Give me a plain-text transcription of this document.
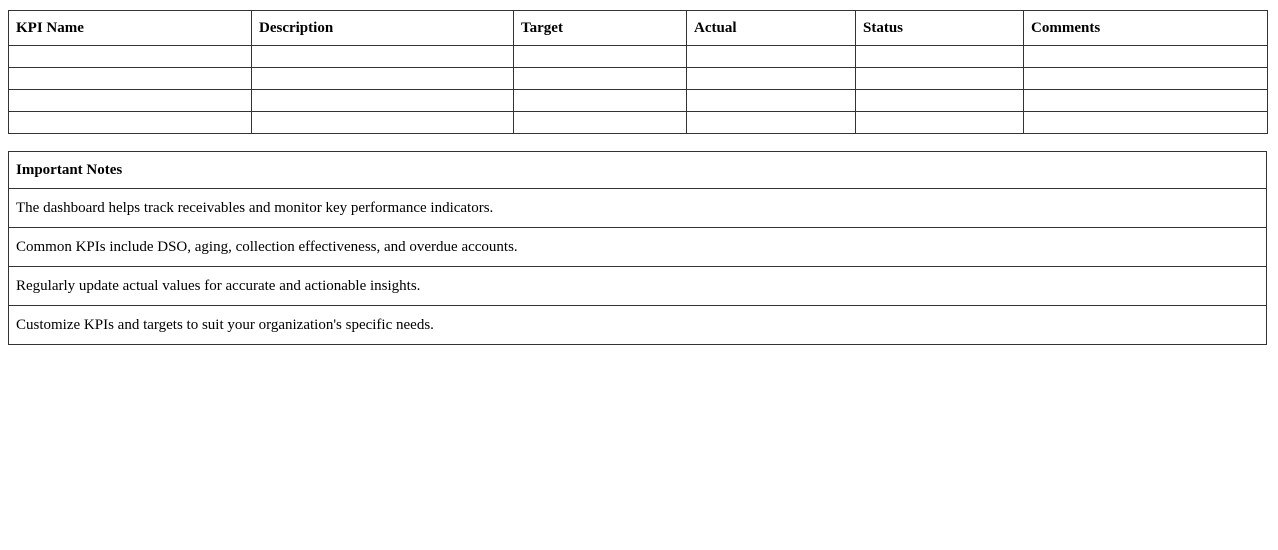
KPI Name	Description	Target	Actual	Status	Comments

Important Notes
The dashboard helps track receivables and monitor key performance indicators.
Common KPIs include DSO, aging, collection effectiveness, and overdue accounts.
Regularly update actual values for accurate and actionable insights.
Customize KPIs and targets to suit your organization's specific needs.
